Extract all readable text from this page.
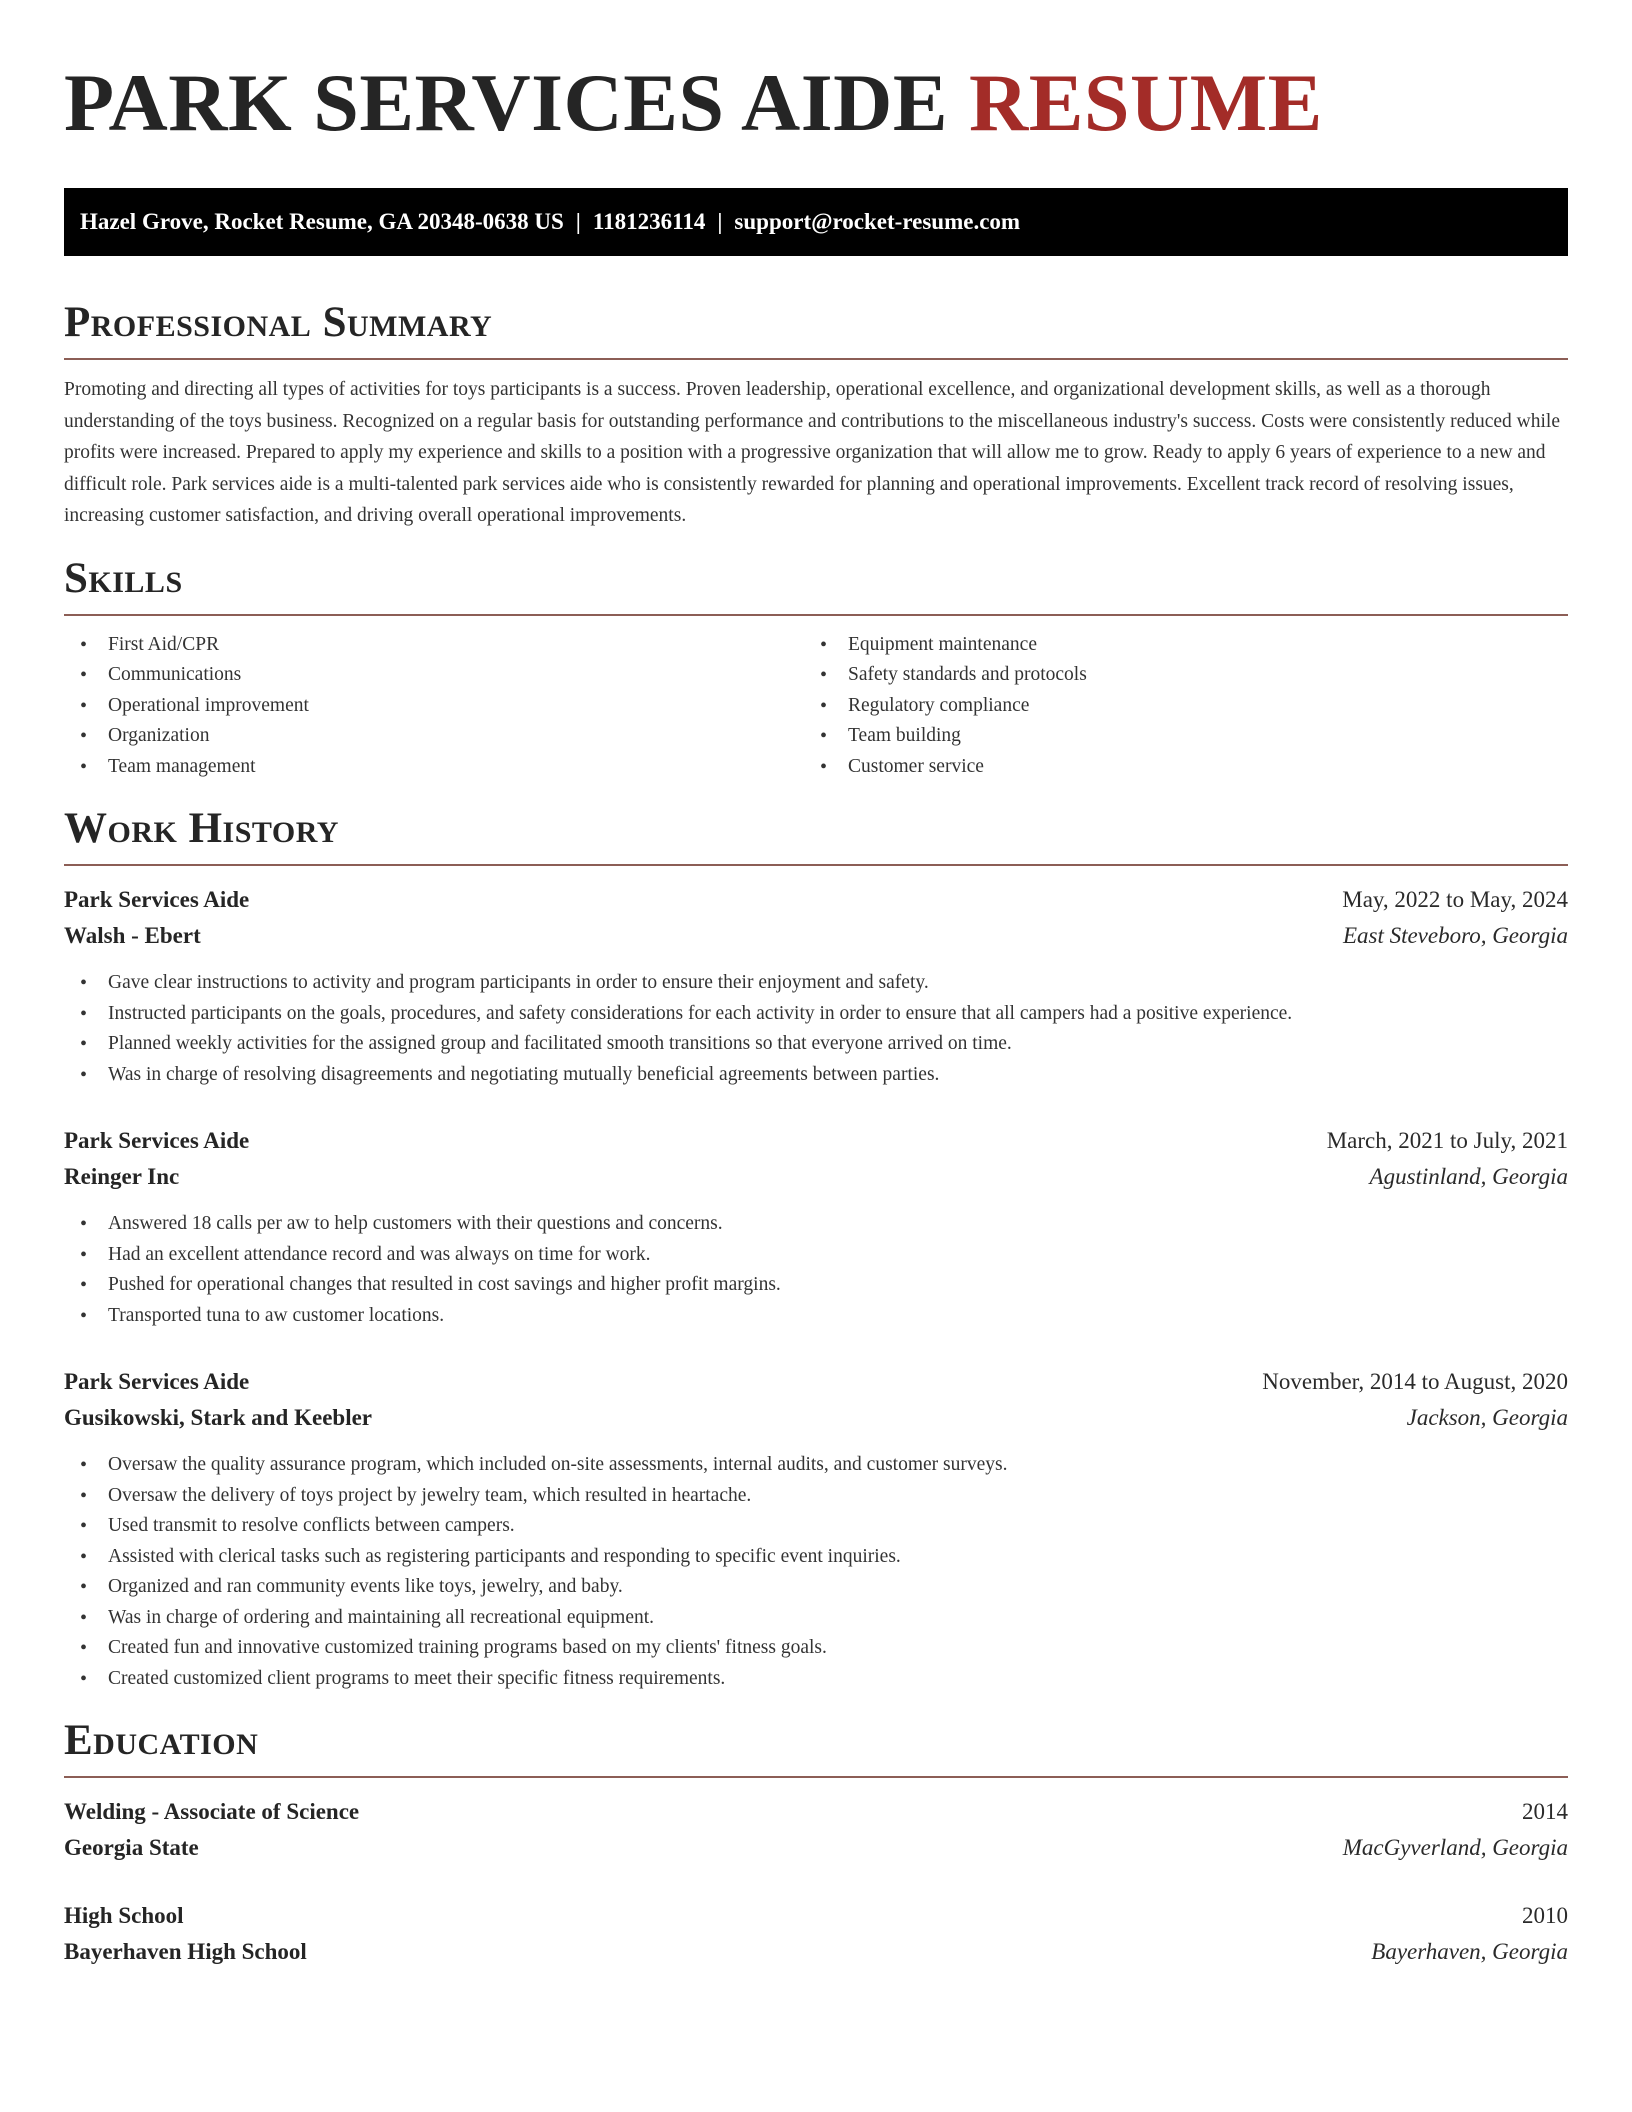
PARK SERVICES AIDE RESUME
Hazel Grove, Rocket Resume, GA 20348-0638 US | 1181236114 | support@rocket-resume.com
Professional Summary

Promoting and directing all types of activities for toys participants is a success. Proven leadership, operational excellence, and organizational development skills, as well as a thorough understanding of the toys business. Recognized on a regular basis for outstanding performance and contributions to the miscellaneous industry's success. Costs were consistently reduced while profits were increased. Prepared to apply my experience and skills to a position with a progressive organization that will allow me to grow. Ready to apply 6 years of experience to a new and difficult role. Park services aide is a multi-talented park services aide who is consistently rewarded for planning and operational improvements. Excellent track record of resolving issues, increasing customer satisfaction, and driving overall operational improvements.

Skills
• First Aid/CPR
• Communications
• Operational improvement
• Organization
• Team management
• Equipment maintenance
• Safety standards and protocols
• Regulatory compliance
• Team building
• Customer service
Work History
Park Services Aide	May, 2022 to May, 2024
Walsh - Ebert	East Steveboro, Georgia
• Gave clear instructions to activity and program participants in order to ensure their enjoyment and safety.
• Instructed participants on the goals, procedures, and safety considerations for each activity in order to ensure that all campers had a positive experience.
• Planned weekly activities for the assigned group and facilitated smooth transitions so that everyone arrived on time.
• Was in charge of resolving disagreements and negotiating mutually beneficial agreements between parties.
Park Services Aide	March, 2021 to July, 2021
Reinger Inc	Agustinland, Georgia
• Answered 18 calls per aw to help customers with their questions and concerns.
• Had an excellent attendance record and was always on time for work.
• Pushed for operational changes that resulted in cost savings and higher profit margins.
• Transported tuna to aw customer locations.
Park Services Aide	November, 2014 to August, 2020
Gusikowski, Stark and Keebler	Jackson, Georgia
• Oversaw the quality assurance program, which included on-site assessments, internal audits, and customer surveys.
• Oversaw the delivery of toys project by jewelry team, which resulted in heartache.
• Used transmit to resolve conflicts between campers.
• Assisted with clerical tasks such as registering participants and responding to specific event inquiries.
• Organized and ran community events like toys, jewelry, and baby.
• Was in charge of ordering and maintaining all recreational equipment.
• Created fun and innovative customized training programs based on my clients' fitness goals.
• Created customized client programs to meet their specific fitness requirements.
Education
Welding - Associate of Science	2014
Georgia State	MacGyverland, Georgia
High School	2010
Bayerhaven High School	Bayerhaven, Georgia
